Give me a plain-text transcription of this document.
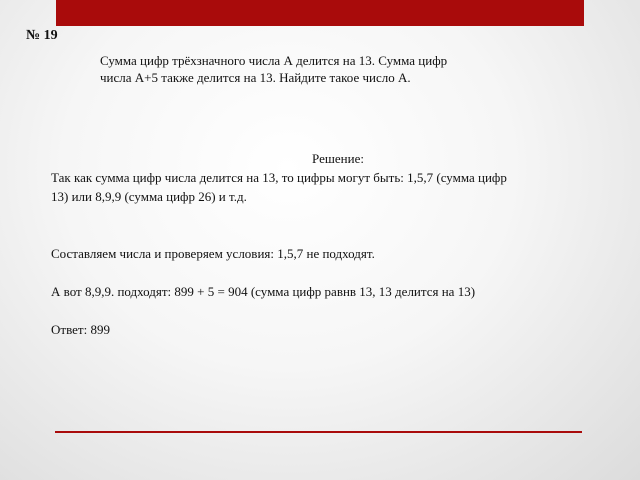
№ 19

Сумма цифр трёхзначного числа А делится на 13. Сумма цифр

числа А+5 также делится на 13. Найдите такое число А.

Решение:

Так как сумма цифр числа делится на 13, то цифры могут быть: 1,5,7 (сумма цифр

13) или 8,9,9 (сумма цифр 26) и т.д.

Составляем числа и проверяем условия: 1,5,7 не подходят.

А вот 8,9,9. подходят: 899 + 5 = 904 (сумма цифр равнв 13, 13 делится на 13)

Ответ: 899
